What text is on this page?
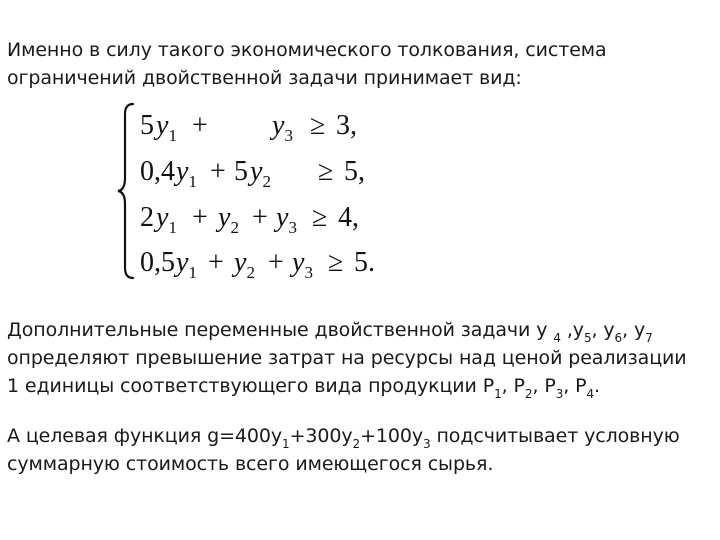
Именно в силу такого экономического толкования, система
ограничений двойственной задачи принимает вид:

5 $y_1 + y_3 \ge 3$,
0,4 $y_1 + 5$ $y_2 \ge 5$,
2 $y_1 + y_2 + y_3 \ge 4$,
0,5 $y_1 + y_2 + y_3 \ge 5$.

Дополнительные переменные двойственной задачи y $_4$ $,y_5$, $y_6$, $y_7$
определяют превышение затрат на ресурсы над ценой реализации
1 единицы соответствующего вида продукции $P_1$, $P_2$, $P_3$, $P_4$.

А целевая функция $g=400y_1+300y_2+100y_3$ подсчитывает условную
суммарную стоимость всего имеющегося сырья.
